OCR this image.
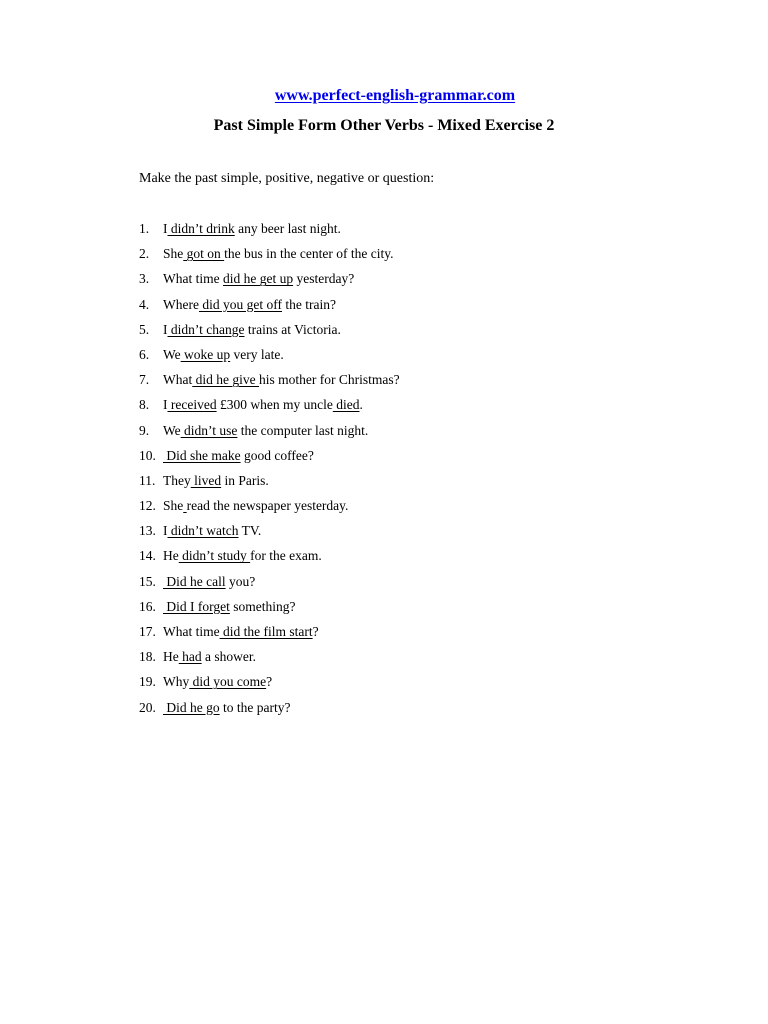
www.perfect-english-grammar.com
Past Simple Form Other Verbs - Mixed Exercise 2

Make the past simple, positive, negative or question:

1. I didn’t drink any beer last night.
2. She got on the bus in the center of the city.
3. What time did he get up yesterday?
4. Where did you get off the train?
5. I didn’t change trains at Victoria.
6. We woke up very late.
7. What did he give his mother for Christmas?
8. I received £300 when my uncle died.
9. We didn’t use the computer last night.
10. Did she make good coffee?
11. They lived in Paris.
12. She read the newspaper yesterday.
13. I didn’t watch TV.
14. He didn’t study for the exam.
15. Did he call you?
16. Did I forget something?
17. What time did the film start?
18. He had a shower.
19. Why did you come?
20. Did he go to the party?
